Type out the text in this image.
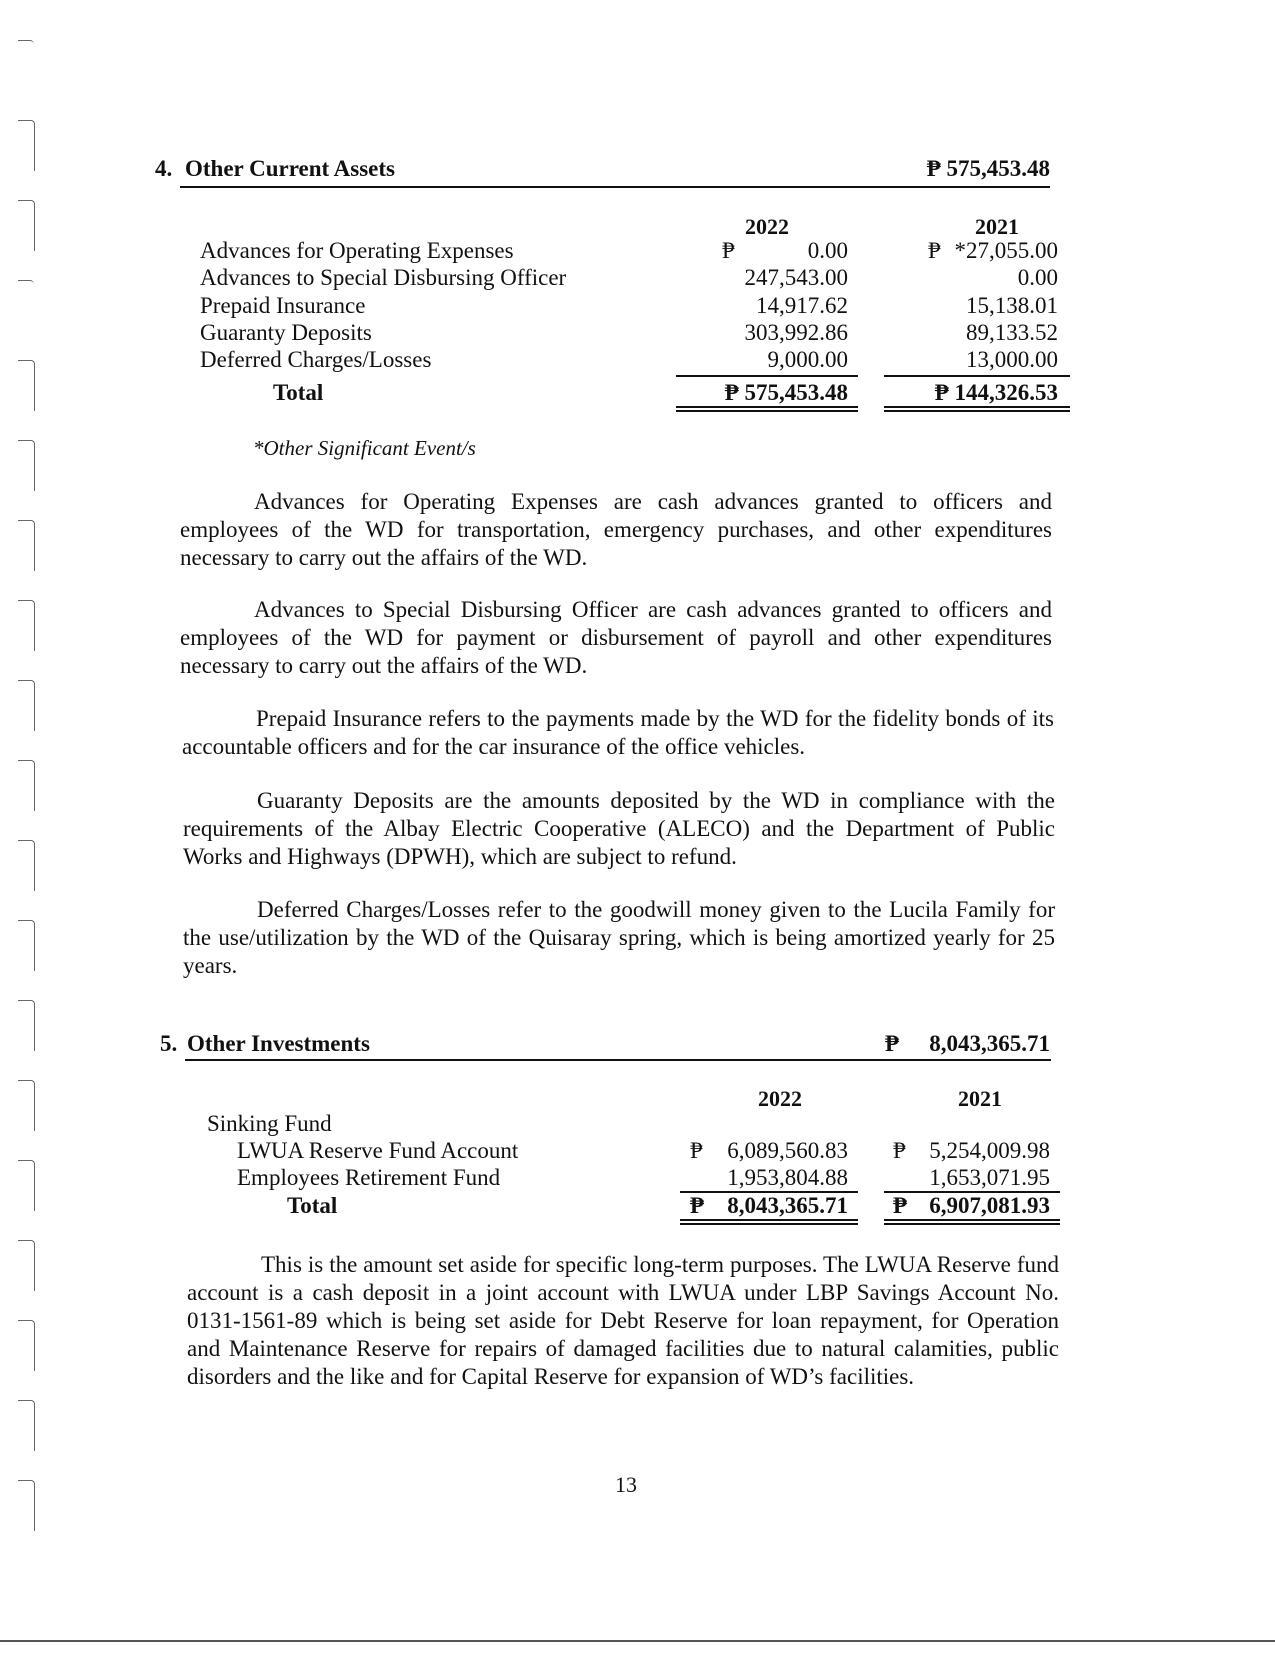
4. Other Current Assets	₱ 575,453.48
2022	2021
Advances for Operating Expenses	₱	0.00	₱ *27,055.00
Advances to Special Disbursing Officer	247,543.00	0.00
Prepaid Insurance	14,917.62	15,138.01
Guaranty Deposits	303,992.86	89,133.52
Deferred Charges/Losses	9,000.00	13,000.00
Total	₱ 575,453.48	₱ 144,326.53
*Other Significant Event/s
Advances for Operating Expenses are cash advances granted to officers and employees of the WD for transportation, emergency purchases, and other expenditures necessary to carry out the affairs of the WD.
Advances to Special Disbursing Officer are cash advances granted to officers and employees of the WD for payment or disbursement of payroll and other expenditures necessary to carry out the affairs of the WD.
Prepaid Insurance refers to the payments made by the WD for the fidelity bonds of its accountable officers and for the car insurance of the office vehicles.
Guaranty Deposits are the amounts deposited by the WD in compliance with the requirements of the Albay Electric Cooperative (ALECO) and the Department of Public Works and Highways (DPWH), which are subject to refund.
Deferred Charges/Losses refer to the goodwill money given to the Lucila Family for the use/utilization by the WD of the Quisaray spring, which is being amortized yearly for 25 years.
5. Other Investments	₱	8,043,365.71
2022	2021
Sinking Fund
LWUA Reserve Fund Account	₱	6,089,560.83 ₱	5,254,009.98
Employees Retirement Fund	1,953,804.88	1,653,071.95
Total	₱	8,043,365.71 ₱ 6,907,081.93
This is the amount set aside for specific long-term purposes. The LWUA Reserve fund account is a cash deposit in a joint account with LWUA under LBP Savings Account No. 0131-1561-89 which is being set aside for Debt Reserve for loan repayment, for Operation and Maintenance Reserve for repairs of damaged facilities due to natural calamities, public disorders and the like and for Capital Reserve for expansion of WD’s facilities.
13
